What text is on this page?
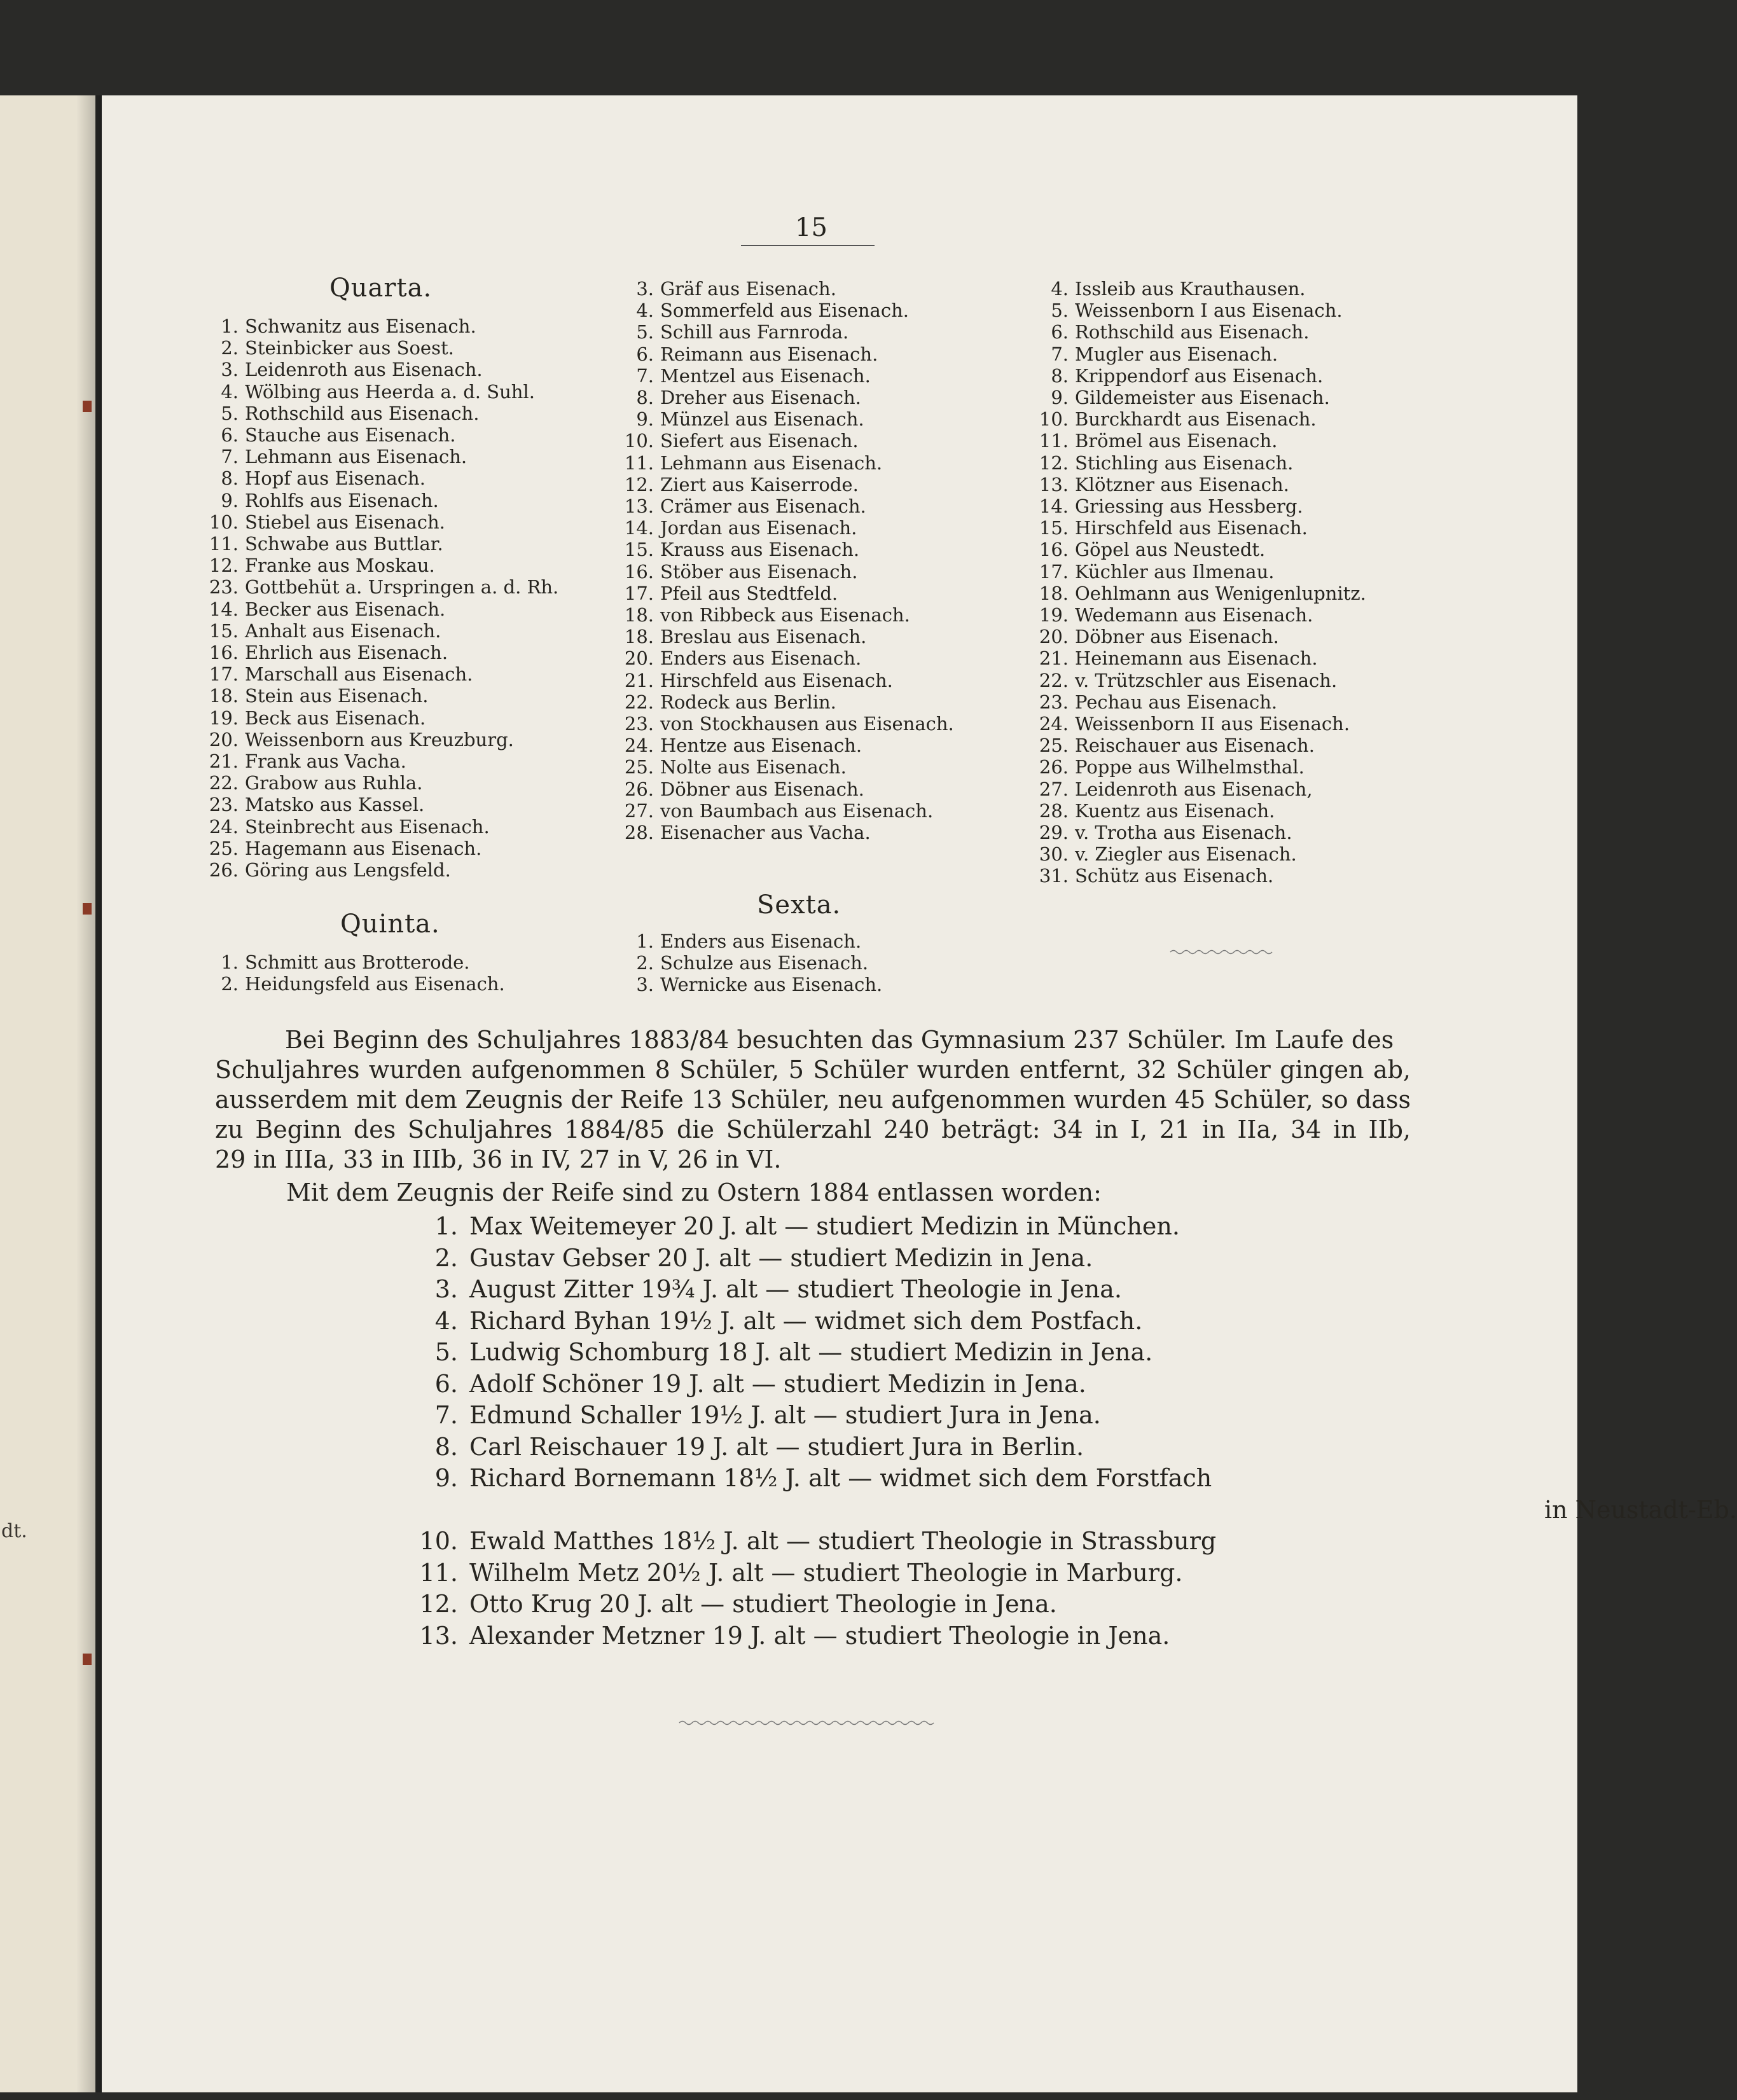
dt.
15
Quarta.
1. Schwanitz aus Eisenach.
2. Steinbicker aus Soest.
3. Leidenroth aus Eisenach.
4. Wölbing aus Heerda a. d. Suhl.
5. Rothschild aus Eisenach.
6. Stauche aus Eisenach.
7. Lehmann aus Eisenach.
8. Hopf aus Eisenach.
9. Rohlfs aus Eisenach.
10. Stiebel aus Eisenach.
11. Schwabe aus Buttlar.
12. Franke aus Moskau.
23. Gottbehüt a. Urspringen a. d. Rh.
14. Becker aus Eisenach.
15. Anhalt aus Eisenach.
16. Ehrlich aus Eisenach.
17. Marschall aus Eisenach.
18. Stein aus Eisenach.
19. Beck aus Eisenach.
20. Weissenborn aus Kreuzburg.
21. Frank aus Vacha.
22. Grabow aus Ruhla.
23. Matsko aus Kassel.
24. Steinbrecht aus Eisenach.
25. Hagemann aus Eisenach.
26. Göring aus Lengsfeld.
Quinta.
1. Schmitt aus Brotterode.
2. Heidungsfeld aus Eisenach.
3. Gräf aus Eisenach.
4. Sommerfeld aus Eisenach.
5. Schill aus Farnroda.
6. Reimann aus Eisenach.
7. Mentzel aus Eisenach.
8. Dreher aus Eisenach.
9. Münzel aus Eisenach.
10. Siefert aus Eisenach.
11. Lehmann aus Eisenach.
12. Ziert aus Kaiserrode.
13. Crämer aus Eisenach.
14. Jordan aus Eisenach.
15. Krauss aus Eisenach.
16. Stöber aus Eisenach.
17. Pfeil aus Stedtfeld.
18. von Ribbeck aus Eisenach.
18. Breslau aus Eisenach.
20. Enders aus Eisenach.
21. Hirschfeld aus Eisenach.
22. Rodeck aus Berlin.
23. von Stockhausen aus Eisenach.
24. Hentze aus Eisenach.
25. Nolte aus Eisenach.
26. Döbner aus Eisenach.
27. von Baumbach aus Eisenach.
28. Eisenacher aus Vacha.
Sexta.
1. Enders aus Eisenach.
2. Schulze aus Eisenach.
3. Wernicke aus Eisenach.
4. Issleib aus Krauthausen.
5. Weissenborn I aus Eisenach.
6. Rothschild aus Eisenach.
7. Mugler aus Eisenach.
8. Krippendorf aus Eisenach.
9. Gildemeister aus Eisenach.
10. Burckhardt aus Eisenach.
11. Brömel aus Eisenach.
12. Stichling aus Eisenach.
13. Klötzner aus Eisenach.
14. Griessing aus Hessberg.
15. Hirschfeld aus Eisenach.
16. Göpel aus Neustedt.
17. Küchler aus Ilmenau.
18. Oehlmann aus Wenigenlupnitz.
19. Wedemann aus Eisenach.
20. Döbner aus Eisenach.
21. Heinemann aus Eisenach.
22. v. Trützschler aus Eisenach.
23. Pechau aus Eisenach.
24. Weissenborn II aus Eisenach.
25. Reischauer aus Eisenach.
26. Poppe aus Wilhelmsthal.
27. Leidenroth aus Eisenach,
28. Kuentz aus Eisenach.
29. v. Trotha aus Eisenach.
30. v. Ziegler aus Eisenach.
31. Schütz aus Eisenach.
Bei Beginn des Schuljahres 1883/84 besuchten das Gymnasium 237 Schüler. Im Laufe des
Schuljahres wurden aufgenommen 8 Schüler, 5 Schüler wurden entfernt, 32 Schüler gingen ab,
ausserdem mit dem Zeugnis der Reife 13 Schüler, neu aufgenommen wurden 45 Schüler, so dass
zu Beginn des Schuljahres 1884/85 die Schülerzahl 240 beträgt: 34 in I, 21 in IIa, 34 in IIb,
29 in IIIa, 33 in IIIb, 36 in IV, 27 in V, 26 in VI.
Mit dem Zeugnis der Reife sind zu Ostern 1884 entlassen worden:
1. Max Weitemeyer 20 J. alt — studiert Medizin in München.
2. Gustav Gebser 20 J. alt — studiert Medizin in Jena.
3. August Zitter 19¾ J. alt — studiert Theologie in Jena.
4. Richard Byhan 19½ J. alt — widmet sich dem Postfach.
5. Ludwig Schomburg 18 J. alt — studiert Medizin in Jena.
6. Adolf Schöner 19 J. alt — studiert Medizin in Jena.
7. Edmund Schaller 19½ J. alt — studiert Jura in Jena.
8. Carl Reischauer 19 J. alt — studiert Jura in Berlin.
9. Richard Bornemann 18½ J. alt — widmet sich dem Forstfach
in Neustadt-Eb.
10. Ewald Matthes 18½ J. alt — studiert Theologie in Strassburg
11. Wilhelm Metz 20½ J. alt — studiert Theologie in Marburg.
12. Otto Krug 20 J. alt — studiert Theologie in Jena.
13. Alexander Metzner 19 J. alt — studiert Theologie in Jena.
